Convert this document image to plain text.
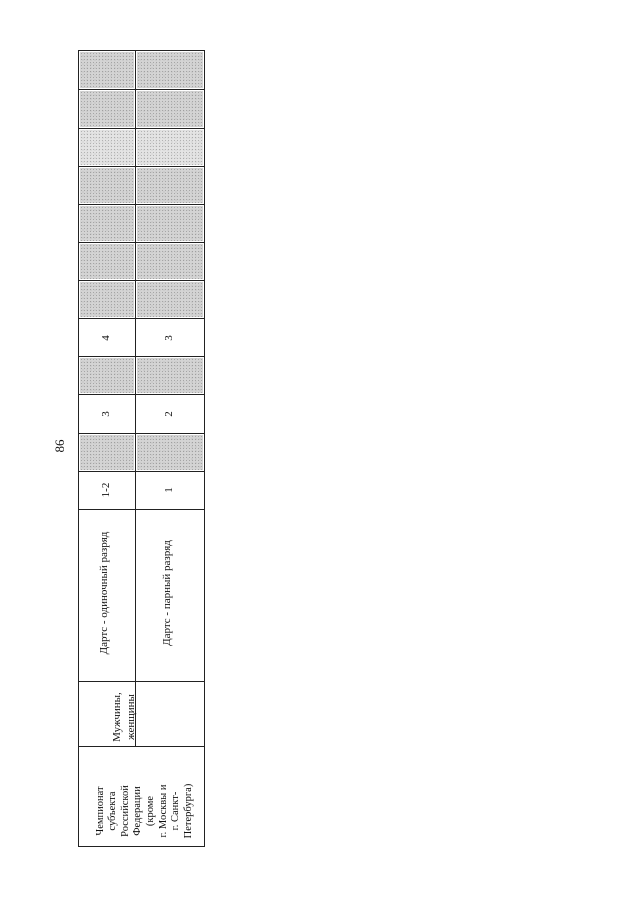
86
1-2
3
4
1
2
3
Дартс - одиночный разряд	Дартс - парный разряд
Мужчины, женщины
Чемпионат субъекта Российской Федерации (кроме г. Москвы и г. Санкт- Петербурга)
